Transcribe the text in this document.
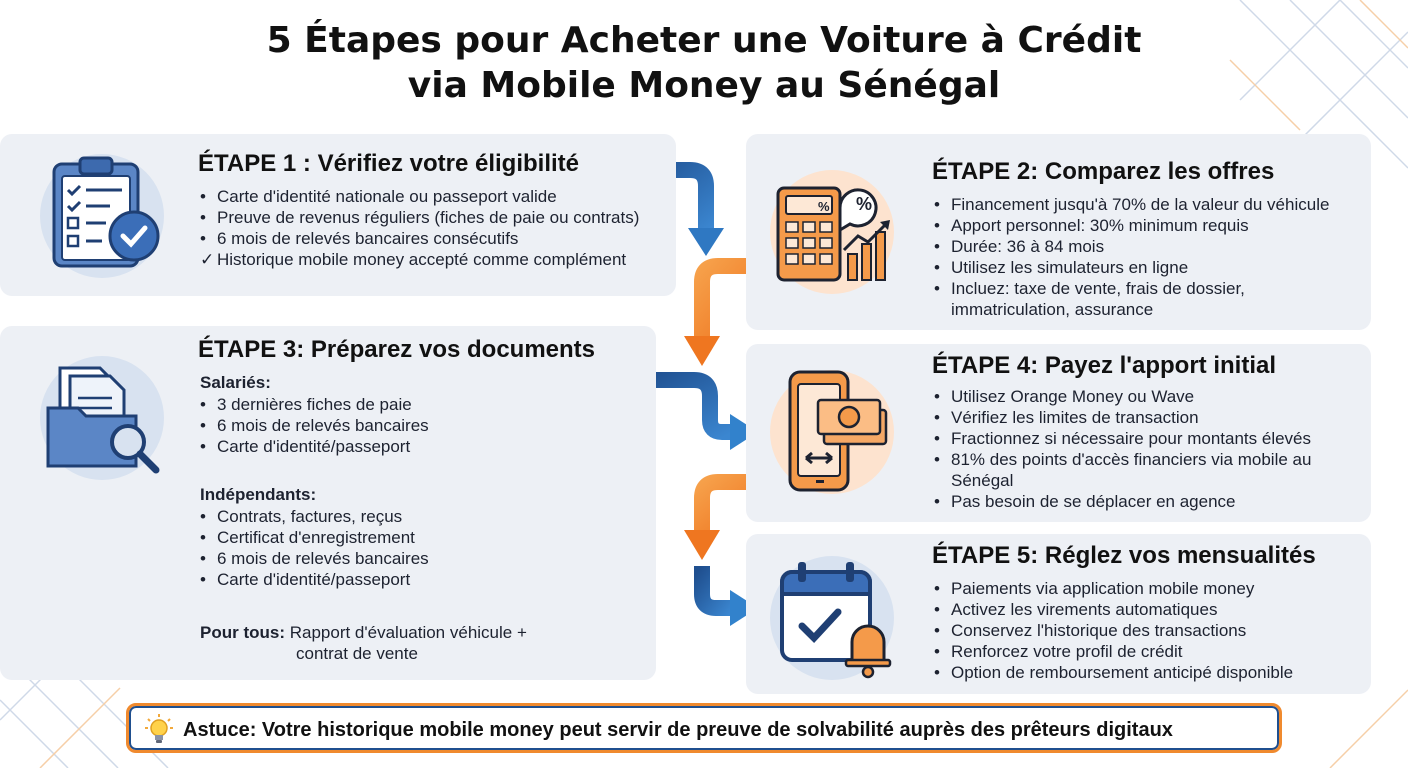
5 Étapes pour Acheter une Voiture à Crédit
via Mobile Money au Sénégal
ÉTAPE 1 : Vérifiez votre éligibilité
• Carte d'identité nationale ou passeport valide
• Preuve de revenus réguliers (fiches de paie ou contrats)
• 6 mois de relevés bancaires consécutifs
✓ Historique mobile money accepté comme complément
% %
ÉTAPE 2: Comparez les offres
• Financement jusqu'à 70% de la valeur du véhicule
• Apport personnel: 30% minimum requis
• Durée: 36 à 84 mois
• Utilisez les simulateurs en ligne
• Incluez: taxe de vente, frais de dossier,
immatriculation, assurance
ÉTAPE 3: Préparez vos documents
Salariés:
• 3 dernières fiches de paie
• 6 mois de relevés bancaires
• Carte d'identité/passeport
Indépendants:
• Contrats, factures, reçus
• Certificat d'enregistrement
• 6 mois de relevés bancaires
• Carte d'identité/passeport
Pour tous: Rapport d'évaluation véhicule +
contrat de vente
ÉTAPE 4: Payez l'apport initial
• Utilisez Orange Money ou Wave
• Vérifiez les limites de transaction
• Fractionnez si nécessaire pour montants élevés
• 81% des points d'accès financiers via mobile au
Sénégal
• Pas besoin de se déplacer en agence
ÉTAPE 5: Réglez vos mensualités
• Paiements via application mobile money
• Activez les virements automatiques
• Conservez l'historique des transactions
• Renforcez votre profil de crédit
• Option de remboursement anticipé disponible
Astuce: Votre historique mobile money peut servir de preuve de solvabilité auprès des prêteurs digitaux
